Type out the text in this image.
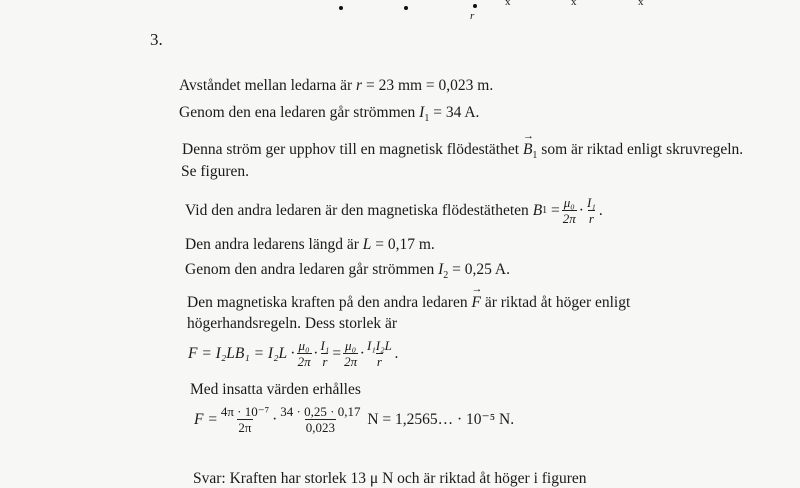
r
x	x	x
3.
Avståndet mellan ledarna är r = 23 mm = 0,023 m.
Genom den ena ledaren går strömmen $I_1 = 34$ A.
Denna ström ger upphov till en magnetisk flödestäthet → $B_1$ som är riktad enligt skruvregeln.
Se figuren.
Vid den andra ledaren är den magnetiska flödestätheten
B 1
= $\frac{\text{μ₀}}{2\pi} \cdot \frac{\text{I₁}}{r}$ .
Den andra ledarens längd är L = 0,17 m.
Genom den andra ledaren går strömmen $I_2 = 0,25$ A.
Den magnetiska kraften på den andra ledaren → F är riktad åt höger enligt
högerhandsregeln. Dess storlek är
$F = I_2LB_1 = I_2L \cdot \frac{\text{μ₀}}{2\pi} \cdot \frac{\text{I₁}}{r} = \frac{\text{μ₀}}{2\pi} \cdot \frac{\text{I₁I₂L}}{r}$ .
Med insatta värden erhålles
$F = \frac{\text{4π · 10⁻⁷}}{2\pi} \cdot \frac{34 \cdot 0,25 \cdot 0,17}{0,023}$
N = 1,2565… · 10⁻⁵ N.
Svar: Kraften har storlek 13 μ N och är riktad åt höger i figuren
